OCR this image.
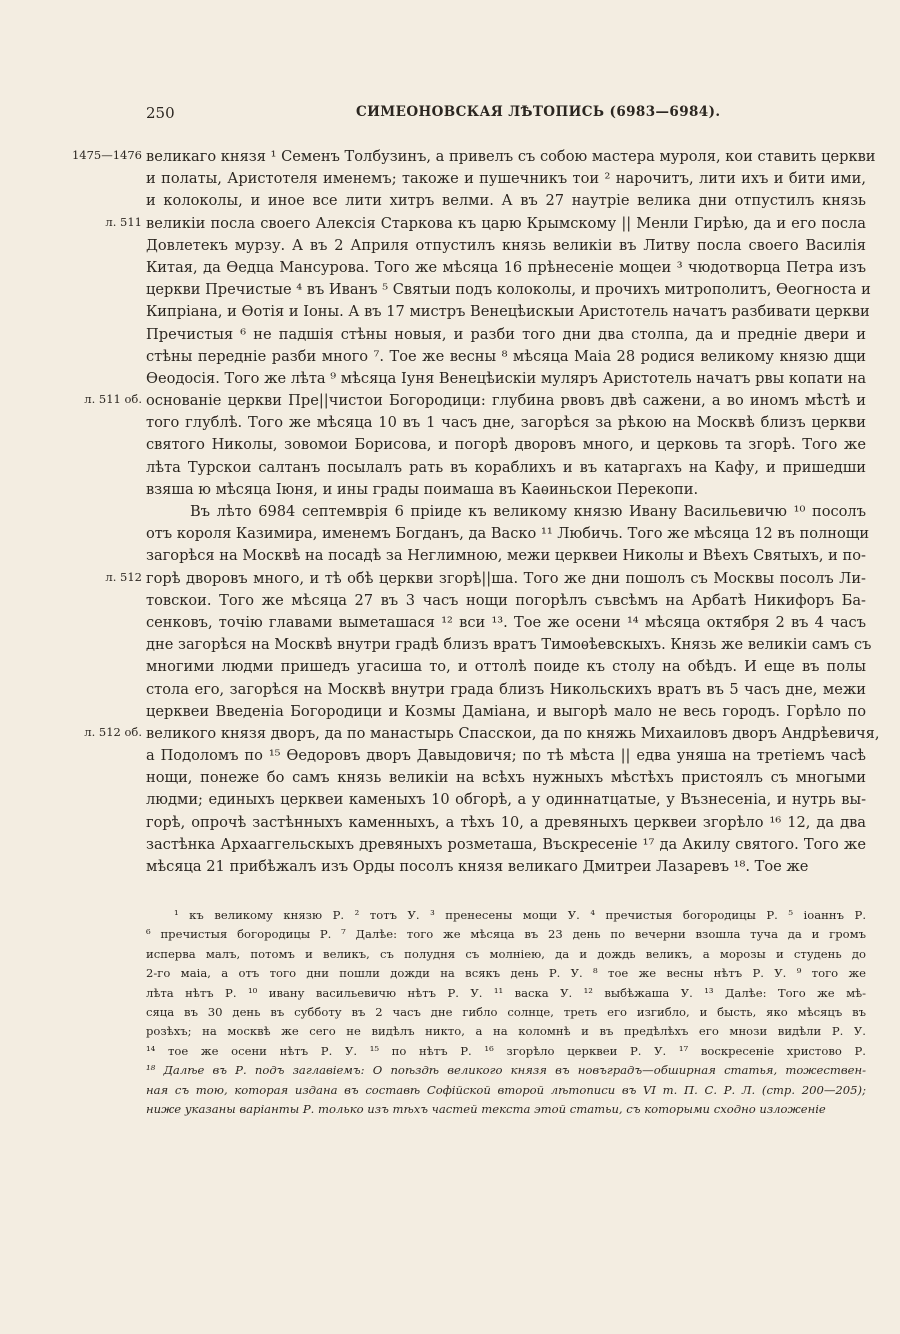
250	СИМЕОНОВСКАЯ ЛѢТОПИСЬ (6983—6984).
1475—1476
л. 511
л. 511 об.
л. 512
л. 512 об.
великаго князя ¹ Семенъ Толбузинъ, а привелъ съ собою мастера муроля, кои ставить церкви
и полаты, Аристотеля именемъ; такоже и пушечникъ тои ² нарочитъ, лити ихъ и бити ими,
и колоколы, и иное все лити хитръ велми. А въ 27 наутріе велика дни отпустилъ князь
великіи посла своего Алексія Старкова къ царю Крымскому || Менли Гирѣю, да и его посла
Довлетекъ мурзу. А въ 2 Априля отпустилъ князь великіи въ Литву посла своего Василія
Китая, да Ѳедца Мансурова. Того же мѣсяца 16 прѣнесеніе мощеи ³ чюдотворца Петра изъ
церкви Пречистые ⁴ въ Иванъ ⁵ Святыи подъ колоколы, и прочихъ митрополитъ, Ѳеогноста и
Кипріана, и Ѳотія и Іоны. А въ 17 мистръ Венецѣискыи Аристотель начатъ разбивати церкви
Пречистыя ⁶ не падшія стѣны новыя, и разби того дни два столпа, да и предніе двери и
стѣны передніе разби много ⁷. Тое же весны ⁸ мѣсяца Маіа 28 родися великому князю дщи
Ѳеодосія. Того же лѣта ⁹ мѣсяца Іуня Венецѣискіи муляръ Аристотель начатъ рвы копати на
основаніе церкви Пре||чистои Богородици: глубина рвовъ двѣ сажени, а во иномъ мѣстѣ и
того глублѣ. Того же мѣсяца 10 въ 1 часъ дне, загорѣся за рѣкою на Москвѣ близъ церкви
святого Николы, зовомои Борисова, и погорѣ дворовъ много, и церковь та згорѣ. Того же
лѣта Турскои салтанъ посылалъ рать въ кораблихъ и въ катаргахъ на Кафу, и пришедши
взяша ю мѣсяца Іюня, и ины грады поимаша въ Каѳиньскои Перекопи.
Въ лѣто 6984 септемврія 6 пріиде къ великому князю Ивану Васильевичю ¹⁰ посолъ
отъ короля Казимира, именемъ Богданъ, да Васко ¹¹ Любичь. Того же мѣсяца 12 въ полнощи
загорѣся на Москвѣ на посадѣ за Неглимною, межи церквеи Николы и Вѣехъ Святыхъ, и по-
горѣ дворовъ много, и тѣ обѣ церкви згорѣ||ша. Того же дни пошолъ съ Москвы посолъ Ли-
товскои. Того же мѣсяца 27 въ 3 часъ нощи погорѣлъ съвсѣмъ на Арбатѣ Никифоръ Ба-
сенковъ, точію главами выметашася ¹² вси ¹³. Тое же осени ¹⁴ мѣсяца октября 2 въ 4 часъ
дне загорѣся на Москвѣ внутри градѣ близъ вратъ Тимоѳѣевскыхъ. Князь же великіи самъ съ
многими людми пришедъ угасиша то, и оттолѣ поиде къ столу на обѣдъ. И еще въ полы
стола его, загорѣся на Москвѣ внутри града близъ Никольскихъ вратъ въ 5 часъ дне, межи
церквеи Введеніа Богородици и Козмы Даміана, и выгорѣ мало не весь городъ. Горѣло по
великого князя дворъ, да по манастырь Спасскои, да по княжь Михаиловъ дворъ Андрѣевичя,
а Подоломъ по ¹⁵ Ѳедоровъ дворъ Давыдовичя; по тѣ мѣста || едва уняша на третіемъ часѣ
нощи, понеже бо самъ князь великіи на всѣхъ нужныхъ мѣстѣхъ пристоялъ съ многыми
людми; единыхъ церквеи каменыхъ 10 обгорѣ, а у одиннатцатые, у Възнесеніа, и нутрь вы-
горѣ, опрочѣ застѣнныхъ каменныхъ, а тѣхъ 10, а древяныхъ церквеи згорѣло ¹⁶ 12, да два
застѣнка Архааггельскыхъ древяныхъ розметаша, Въскресеніе ¹⁷ да Акилу святого. Того же
мѣсяца 21 прибѣжалъ изъ Орды посолъ князя великаго Дмитреи Лазаревъ ¹⁸. Тое же
¹ къ великому князю Р. ² тотъ У. ³ пренесены мощи У. ⁴ пречистыя богородицы Р. ⁵ іоаннъ Р.
⁶ пречистыя богородицы Р. ⁷ Далѣе: того же мѣсяца въ 23 день по вечерни взошла туча да и громъ
исперва малъ, потомъ и великъ, съ полудня съ молніею, да и дождь великъ, а морозы и студень до
2-го маіа, а отъ того дни пошли дожди на всякъ день Р. У. ⁸ тое же весны нѣтъ Р. У. ⁹ того же
лѣта нѣтъ Р. ¹⁰ ивану васильевичю нѣтъ Р. У. ¹¹ васка У. ¹² выбѣжаша У. ¹³ Далѣе: Того же мѣ-
сяца въ 30 день въ субботу въ 2 часъ дне гибло солнце, треть его изгибло, и бысть, яко мѣсяцъ въ
розѣхъ; на москвѣ же сего не видѣлъ никто, а на коломнѣ и въ предѣлѣхъ его мнози видѣли Р. У.
¹⁴ тое же осени нѣтъ Р. У. ¹⁵ по нѣтъ Р. ¹⁶ згорѣло церквеи Р. У. ¹⁷ воскресеніе христово Р.
¹⁸ Далѣе въ Р. подъ заглавіемъ: О поѣздѣ великого князя въ новъградъ—обширная статья, тожествен-
ная съ тою, которая издана въ составѣ Софійской второй лѣтописи въ VI т. П. С. Р. Л. (стр. 200—205);
ниже указаны варіанты Р. только изъ тѣхъ частей текста этой статьи, съ которыми сходно изложеніе
